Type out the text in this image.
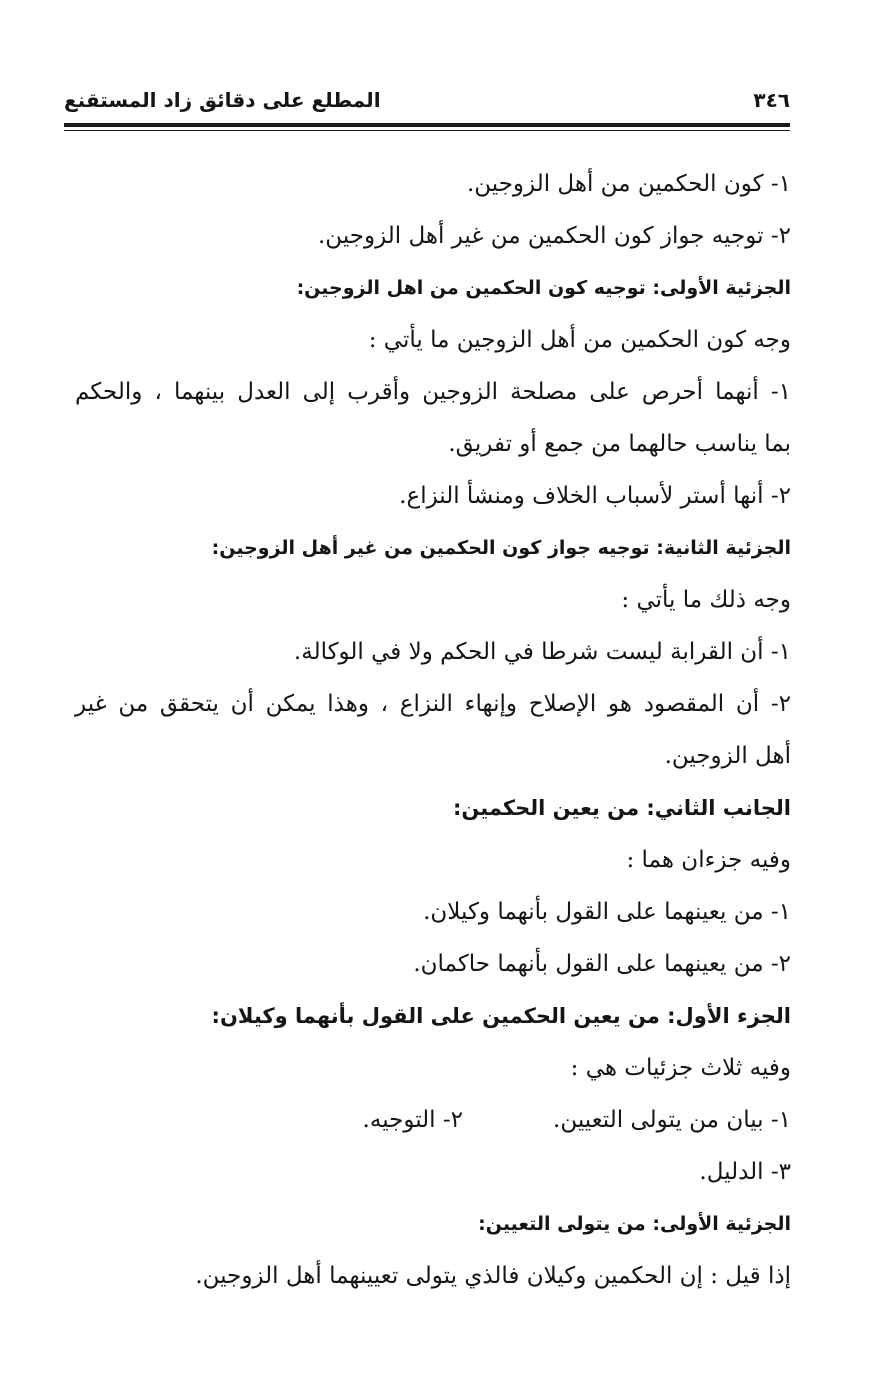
٣٤٦
المطلع على دقائق زاد المستقنع
١- كون الحكمين من أهل الزوجين.
٢- توجيه جواز كون الحكمين من غير أهل الزوجين.
الجزئية الأولى: توجيه كون الحكمين من اهل الزوجين:
وجه كون الحكمين من أهل الزوجين ما يأتي :
١- أنهما أحرص على مصلحة الزوجين وأقرب إلى العدل بينهما ، والحكم
بما يناسب حالهما من جمع أو تفريق.
٢- أنها أستر لأسباب الخلاف ومنشأ النزاع.
الجزئية الثانية: توجيه جواز كون الحكمين من غير أهل الزوجين:
وجه ذلك ما يأتي :
١- أن القرابة ليست شرطا في الحكم ولا في الوكالة.
٢- أن المقصود هو الإصلاح وإنهاء النزاع ، وهذا يمكن أن يتحقق من غير
أهل الزوجين.
الجانب الثاني: من يعين الحكمين:
وفيه جزءان هما :
١- من يعينهما على القول بأنهما وكيلان.
٢- من يعينهما على القول بأنهما حاكمان.
الجزء الأول: من يعين الحكمين على القول بأنهما وكيلان:
وفيه ثلاث جزئيات هي :
١- بيان من يتولى التعيين.
٢- التوجيه.
٣- الدليل.
الجزئية الأولى: من يتولى التعيين:
إذا قيل : إن الحكمين وكيلان فالذي يتولى تعيينهما أهل الزوجين.
